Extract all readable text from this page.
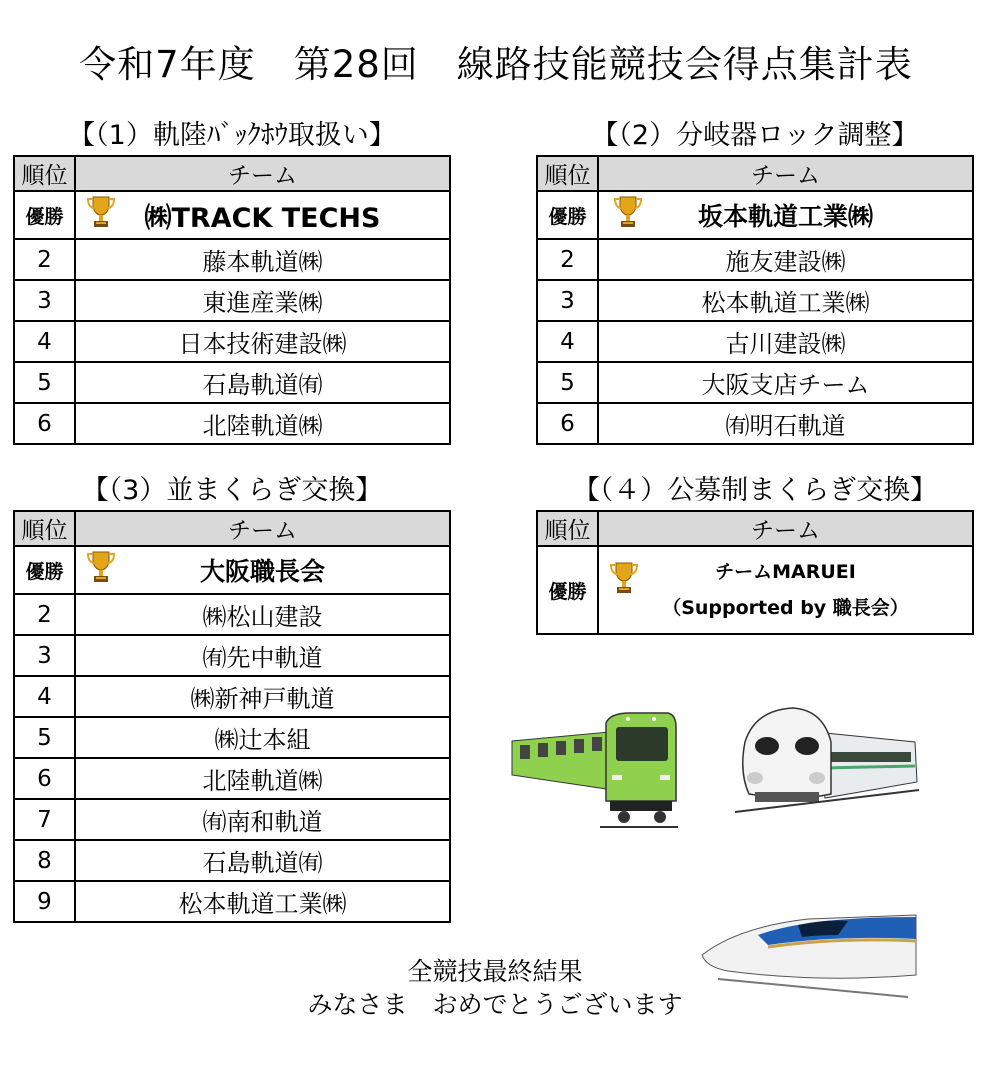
令和7年度　第28回　線路技能競技会得点集計表
【（1）軌陸ﾊﾞｯｸﾎｳ取扱い】
順位	チーム
優勝	㈱TRACK TECHS
2	藤本軌道㈱
3	東進産業㈱
4	日本技術建設㈱
5	石島軌道㈲
6	北陸軌道㈱
【（2）分岐器ロック調整】
順位	チーム
優勝	坂本軌道工業㈱
2	施友建設㈱
3	松本軌道工業㈱
4	古川建設㈱
5	大阪支店チーム
6	㈲明石軌道
【（3）並まくらぎ交換】
順位	チーム
優勝	大阪職長会
2	㈱松山建設
3	㈲先中軌道
4	㈱新神戸軌道
5	㈱辻本組
6	北陸軌道㈱
7	㈲南和軌道
8	石島軌道㈲
9	松本軌道工業㈱
【（４）公募制まくらぎ交換】
順位	チーム
優勝	チームMARUEI
（Supported by 職長会）
全競技最終結果
みなさま　おめでとうございます
